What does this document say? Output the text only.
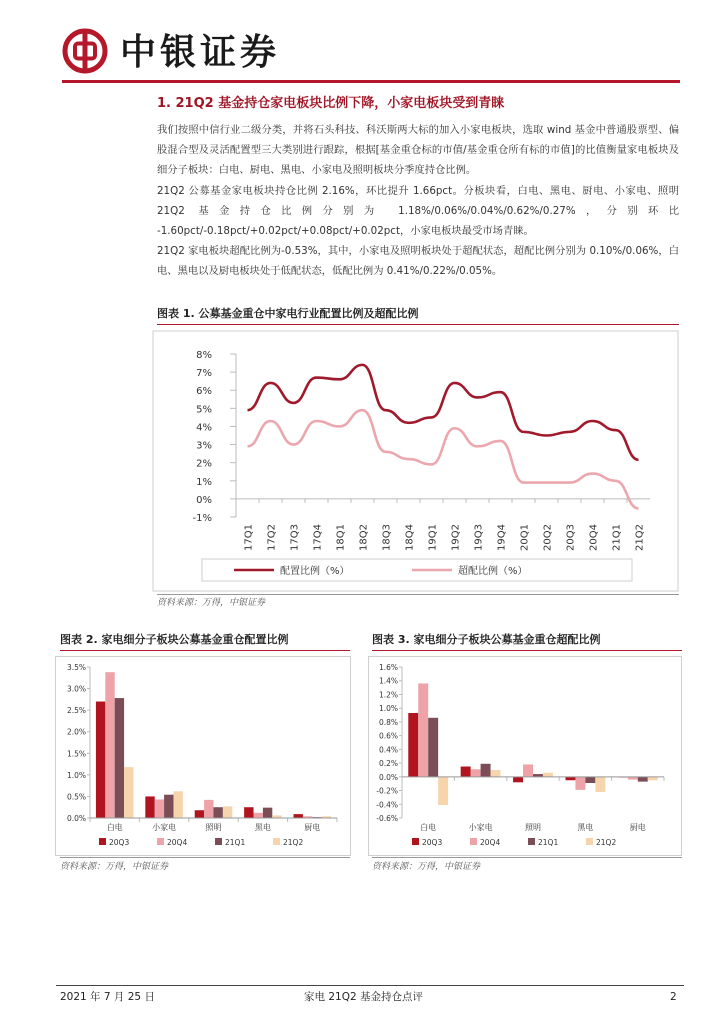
中银证券
1. 21Q2 基金持仓家电板块比例下降，小家电板块受到青睐
我们按照中信行业二级分类，并将石头科技、科沃斯两大标的加入小家电板块，选取 wind 基金中普通股票型、偏股混合型及灵活配置型三大类别进行跟踪，根据[基金重仓标的市值/基金重仓所有标的市值]的比值衡量家电板块及细分子板块：白电、厨电、黑电、小家电及照明板块分季度持仓比例。
21Q2 公募基金家电板块持仓比例 2.16%，环比提升 1.66pct。分板块看，白电、黑电、厨电、小家电、照明 21Q2 基金持仓比例分别为 1.18%/0.06%/0.04%/0.62%/0.27%，分别环比 -1.60pct/-0.18pct/+0.02pct/+0.08pct/+0.02pct，小家电板块最受市场青睐。
21Q2 家电板块超配比例为-0.53%，其中，小家电及照明板块处于超配状态，超配比例分别为 0.10%/0.06%，白电、黑电以及厨电板块处于低配状态，低配比例为 0.41%/0.22%/0.05%。
图表 1. 公募基金重仓中家电行业配置比例及超配比例
-1%
0%
1%
2%
3%
4%
5%
6%
7%
8%
17Q1 17Q2 17Q3 17Q4 18Q1 18Q2 18Q3 18Q4 19Q1 19Q2 19Q3 19Q4 20Q1 20Q2 20Q3 20Q4 21Q1 21Q2
配置比例（%）	超配比例（%）
资料来源：万得，中银证券
图表 2. 家电细分子板块公募基金重仓配置比例	图表 3. 家电细分子板块公募基金重仓超配比例
0.0%
0.5%
1.0%
1.5%
2.0%
2.5%
3.0%
3.5%
白电	小家电	照明	黑电	厨电
20Q3	20Q4	21Q1	21Q2
-0.6%
-0.4%
-0.2%
0.0%
0.2%
0.4%
0.6%
0.8%
1.0%
1.2%
1.4%
1.6%
白电	小家电	照明	黑电	厨电
20Q3	20Q4	21Q1	21Q2
资料来源：万得，中银证券	资料来源：万得，中银证券
2021 年 7 月 25 日	家电 21Q2 基金持仓点评	2
